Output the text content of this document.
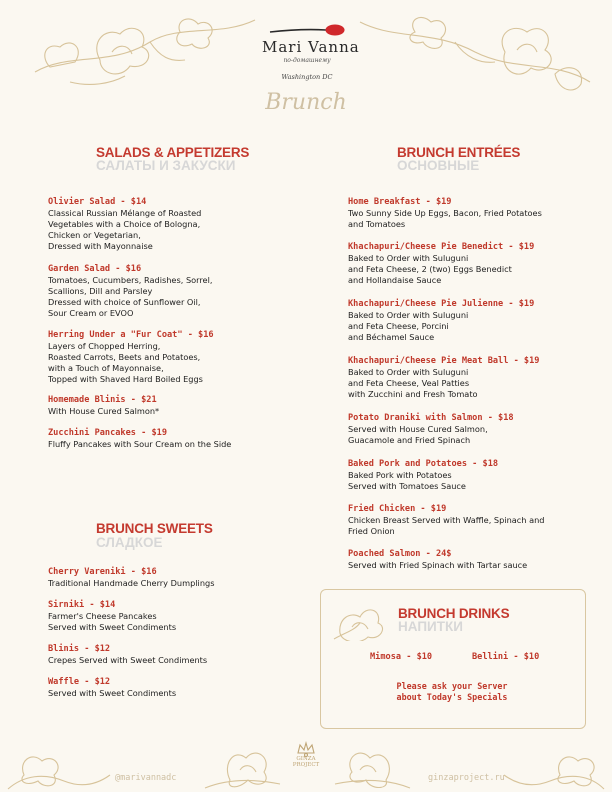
Mari Vanna
по-домашнему
Washington DC
Brunch
SALADS & APPETIZERS
САЛАТЫ И ЗАКУСКИ
Olivier Salad - $14
Classical Russian Mélange of Roasted
Vegetables with a Choice of Bologna,
Chicken or Vegetarian,
Dressed with Mayonnaise
Garden Salad - $16
Tomatoes, Cucumbers, Radishes, Sorrel,
Scallions, Dill and Parsley
Dressed with choice of Sunflower Oil,
Sour Cream or EVOO
Herring Under a "Fur Coat" - $16
Layers of Chopped Herring,
Roasted Carrots, Beets and Potatoes,
with a Touch of Mayonnaise,
Topped with Shaved Hard Boiled Eggs
Homemade Blinis - $21
With House Cured Salmon*
Zucchini Pancakes - $19
Fluffy Pancakes with Sour Cream on the Side
BRUNCH SWEETS
СЛАДКОЕ
Cherry Vareniki - $16
Traditional Handmade Cherry Dumplings
Sirniki - $14
Farmer's Cheese Pancakes
Served with Sweet Condiments
Blinis - $12
Crepes Served with Sweet Condiments
Waffle - $12
Served with Sweet Condiments
BRUNCH ENTRÉES
ОСНОВНЫЕ
Home Breakfast - $19
Two Sunny Side Up Eggs, Bacon, Fried Potatoes
and Tomatoes
Khachapuri/Cheese Pie Benedict - $19
Baked to Order with Suluguni
and Feta Cheese, 2 (two) Eggs Benedict
and Hollandaise Sauce
Khachapuri/Cheese Pie Julienne - $19
Baked to Order with Suluguni
and Feta Cheese, Porcini
and Béchamel Sauce
Khachapuri/Cheese Pie Meat Ball - $19
Baked to Order with Suluguni
and Feta Cheese, Veal Patties
with Zucchini and Fresh Tomato
Potato Draniki with Salmon - $18
Served with House Cured Salmon,
Guacamole and Fried Spinach
Baked Pork and Potatoes - $18
Baked Pork with Potatoes
Served with Tomatoes Sauce
Fried Chicken - $19
Chicken Breast Served with Waffle, Spinach and
Fried Onion
Poached Salmon - 24$
Served with Fried Spinach with Tartar sauce
BRUNCH DRINKS
НАПИТКИ
Mimosa - $10	Bellini - $10
Please ask your Server
about Today's Specials
GINZA PROJECT
@marivannadc	ginzaproject.ru
